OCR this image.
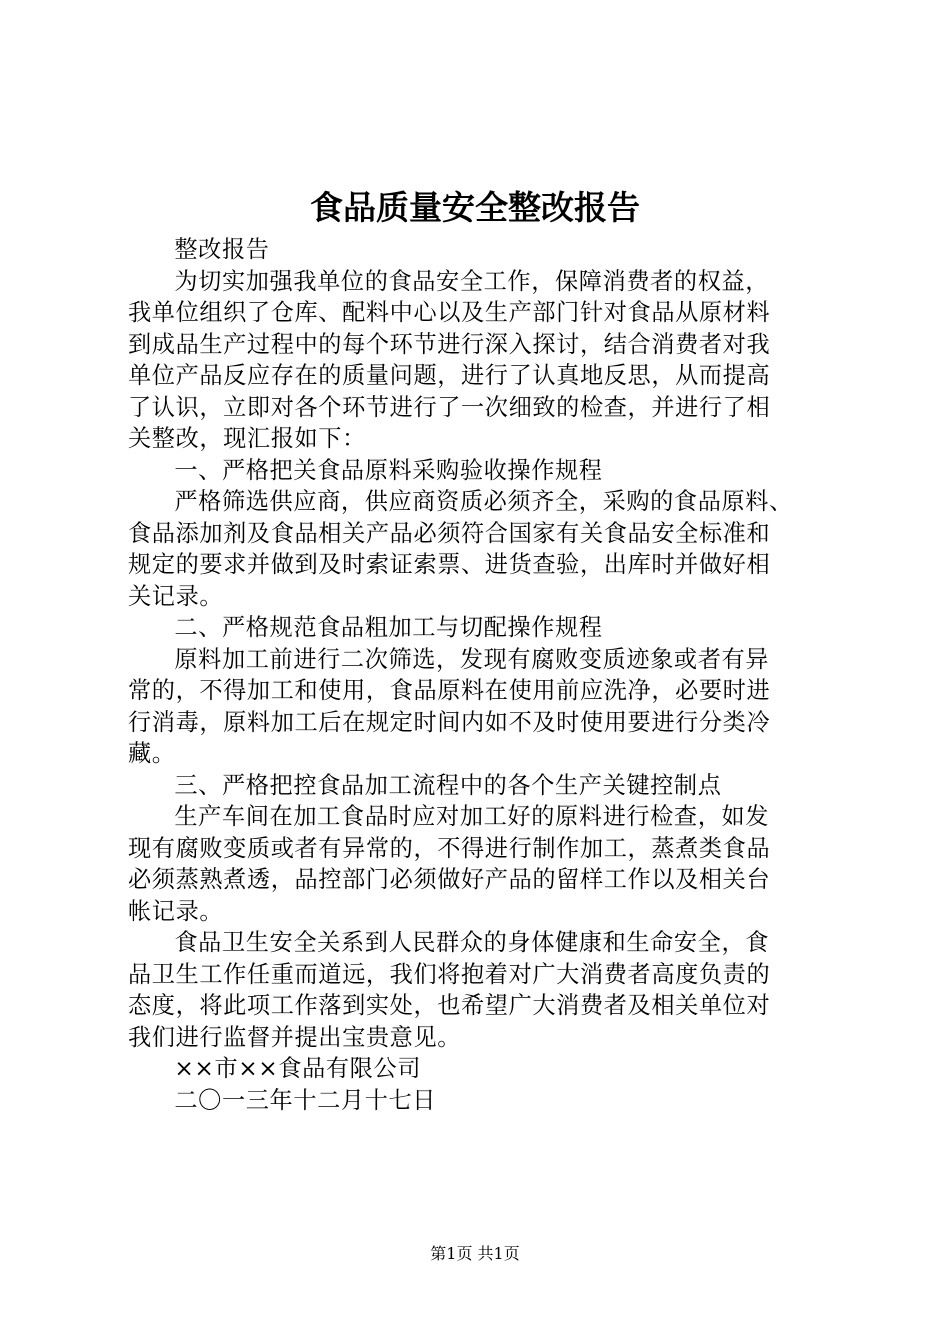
食品质量安全整改报告

整改报告

为切实加强我单位的食品安全工作，保障消费者的权益，
我单位组织了仓库、配料中心以及生产部门针对食品从原材料
到成品生产过程中的每个环节进行深入探讨，结合消费者对我
单位产品反应存在的质量问题，进行了认真地反思，从而提高
了认识，立即对各个环节进行了一次细致的检查，并进行了相
关整改，现汇报如下：

一、严格把关食品原料采购验收操作规程

严格筛选供应商，供应商资质必须齐全，采购的食品原料、
食品添加剂及食品相关产品必须符合国家有关食品安全标准和
规定的要求并做到及时索证索票、进货查验，出库时并做好相
关记录。

二、严格规范食品粗加工与切配操作规程

原料加工前进行二次筛选，发现有腐败变质迹象或者有异
常的，不得加工和使用，食品原料在使用前应洗净，必要时进
行消毒，原料加工后在规定时间内如不及时使用要进行分类冷
藏。

三、严格把控食品加工流程中的各个生产关键控制点

生产车间在加工食品时应对加工好的原料进行检查，如发
现有腐败变质或者有异常的，不得进行制作加工，蒸煮类食品
必须蒸熟煮透，品控部门必须做好产品的留样工作以及相关台
帐记录。

食品卫生安全关系到人民群众的身体健康和生命安全，食
品卫生工作任重而道远，我们将抱着对广大消费者高度负责的
态度，将此项工作落到实处，也希望广大消费者及相关单位对
我们进行监督并提出宝贵意见。

××市××食品有限公司

二〇一三年十二月十七日

第1页 共1页
